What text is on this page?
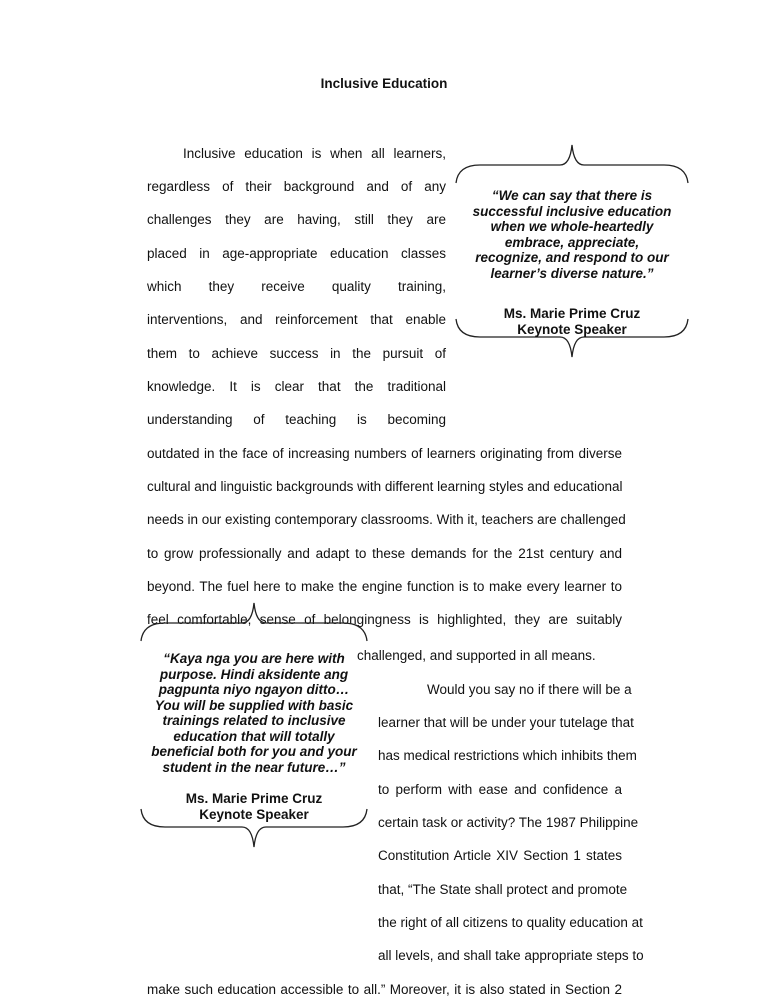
Inclusive Education
Inclusive education is when all learners,
regardless of their background and of any
challenges they are having, still they are
placed in age-appropriate education classes
which they receive quality training,
interventions, and reinforcement that enable
them to achieve success in the pursuit of
knowledge. It is clear that the traditional
understanding of teaching is becoming
outdated in the face of increasing numbers of learners originating from diverse
cultural and linguistic backgrounds with different learning styles and educational
needs in our existing contemporary classrooms. With it, teachers are challenged
to grow professionally and adapt to these demands for the 21st century and
beyond. The fuel here to make the engine function is to make every learner to
feel comfortable, sense of belongingness is highlighted, they are suitably
challenged, and supported in all means.
Would you say no if there will be a
learner that will be under your tutelage that
has medical restrictions which inhibits them
to perform with ease and confidence a
certain task or activity? The 1987 Philippine
Constitution Article XIV Section 1 states
that, “The State shall protect and promote
the right of all citizens to quality education at
all levels, and shall take appropriate steps to
make such education accessible to all.” Moreover, it is also stated in Section 2
“We can say that there is successful inclusive education when we whole-heartedly embrace, appreciate, recognize, and respond to our learner’s diverse nature.”
Ms. Marie Prime Cruz
Keynote Speaker
“Kaya nga you are here with purpose. Hindi aksidente ang pagpunta niyo ngayon ditto… You will be supplied with basic trainings related to inclusive education that will totally beneficial both for you and your student in the near future…”
Ms. Marie Prime Cruz
Keynote Speaker
